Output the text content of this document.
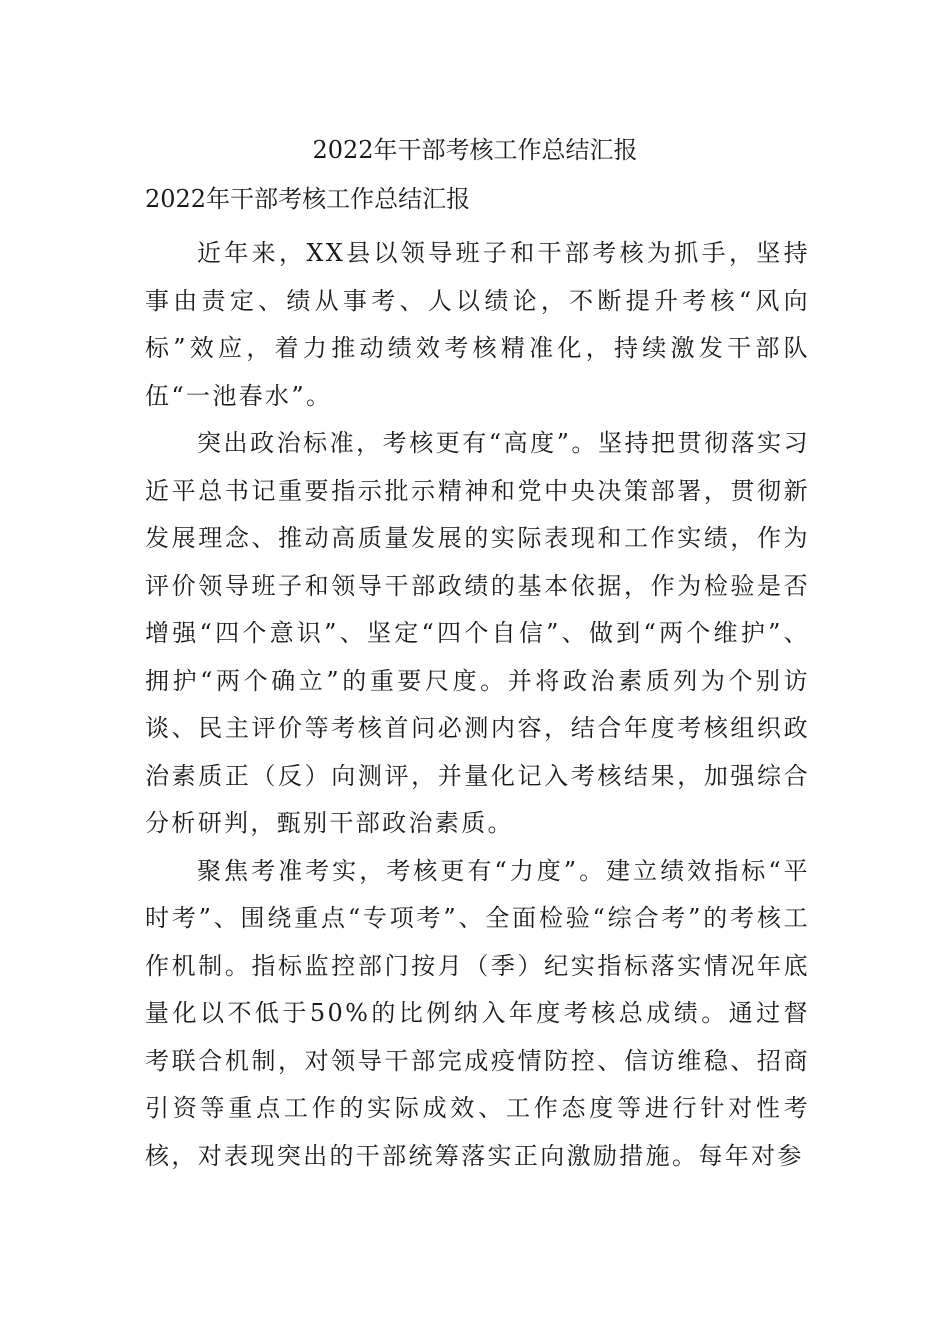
2022年干部考核工作总结汇报
2022年干部考核工作总结汇报

近年来，XX县以领导班子和干部考核为抓手，坚持事由责定、绩从事考、人以绩论，不断提升考核“风向标”效应，着力推动绩效考核精准化，持续激发干部队伍“一池春水”。

突出政治标准，考核更有“高度”。坚持把贯彻落实习近平总书记重要指示批示精神和党中央决策部署，贯彻新发展理念、推动高质量发展的实际表现和工作实绩，作为评价领导班子和领导干部政绩的基本依据，作为检验是否增强“四个意识”、坚定“四个自信”、做到“两个维护”、拥护“两个确立”的重要尺度。并将政治素质列为个别访谈、民主评价等考核首问必测内容，结合年度考核组织政治素质正（反）向测评，并量化记入考核结果，加强综合分析研判，甄别干部政治素质。

聚焦考准考实，考核更有“力度”。建立绩效指标“平时考”、围绕重点“专项考”、全面检验“综合考”的考核工作机制。指标监控部门按月（季）纪实指标落实情况年底量化以不低于50%的比例纳入年度考核总成绩。通过督考联合机制，对领导干部完成疫情防控、信访维稳、招商引资等重点工作的实际成效、工作态度等进行针对性考核，对表现突出的干部统筹落实正向激励措施。每年对参
